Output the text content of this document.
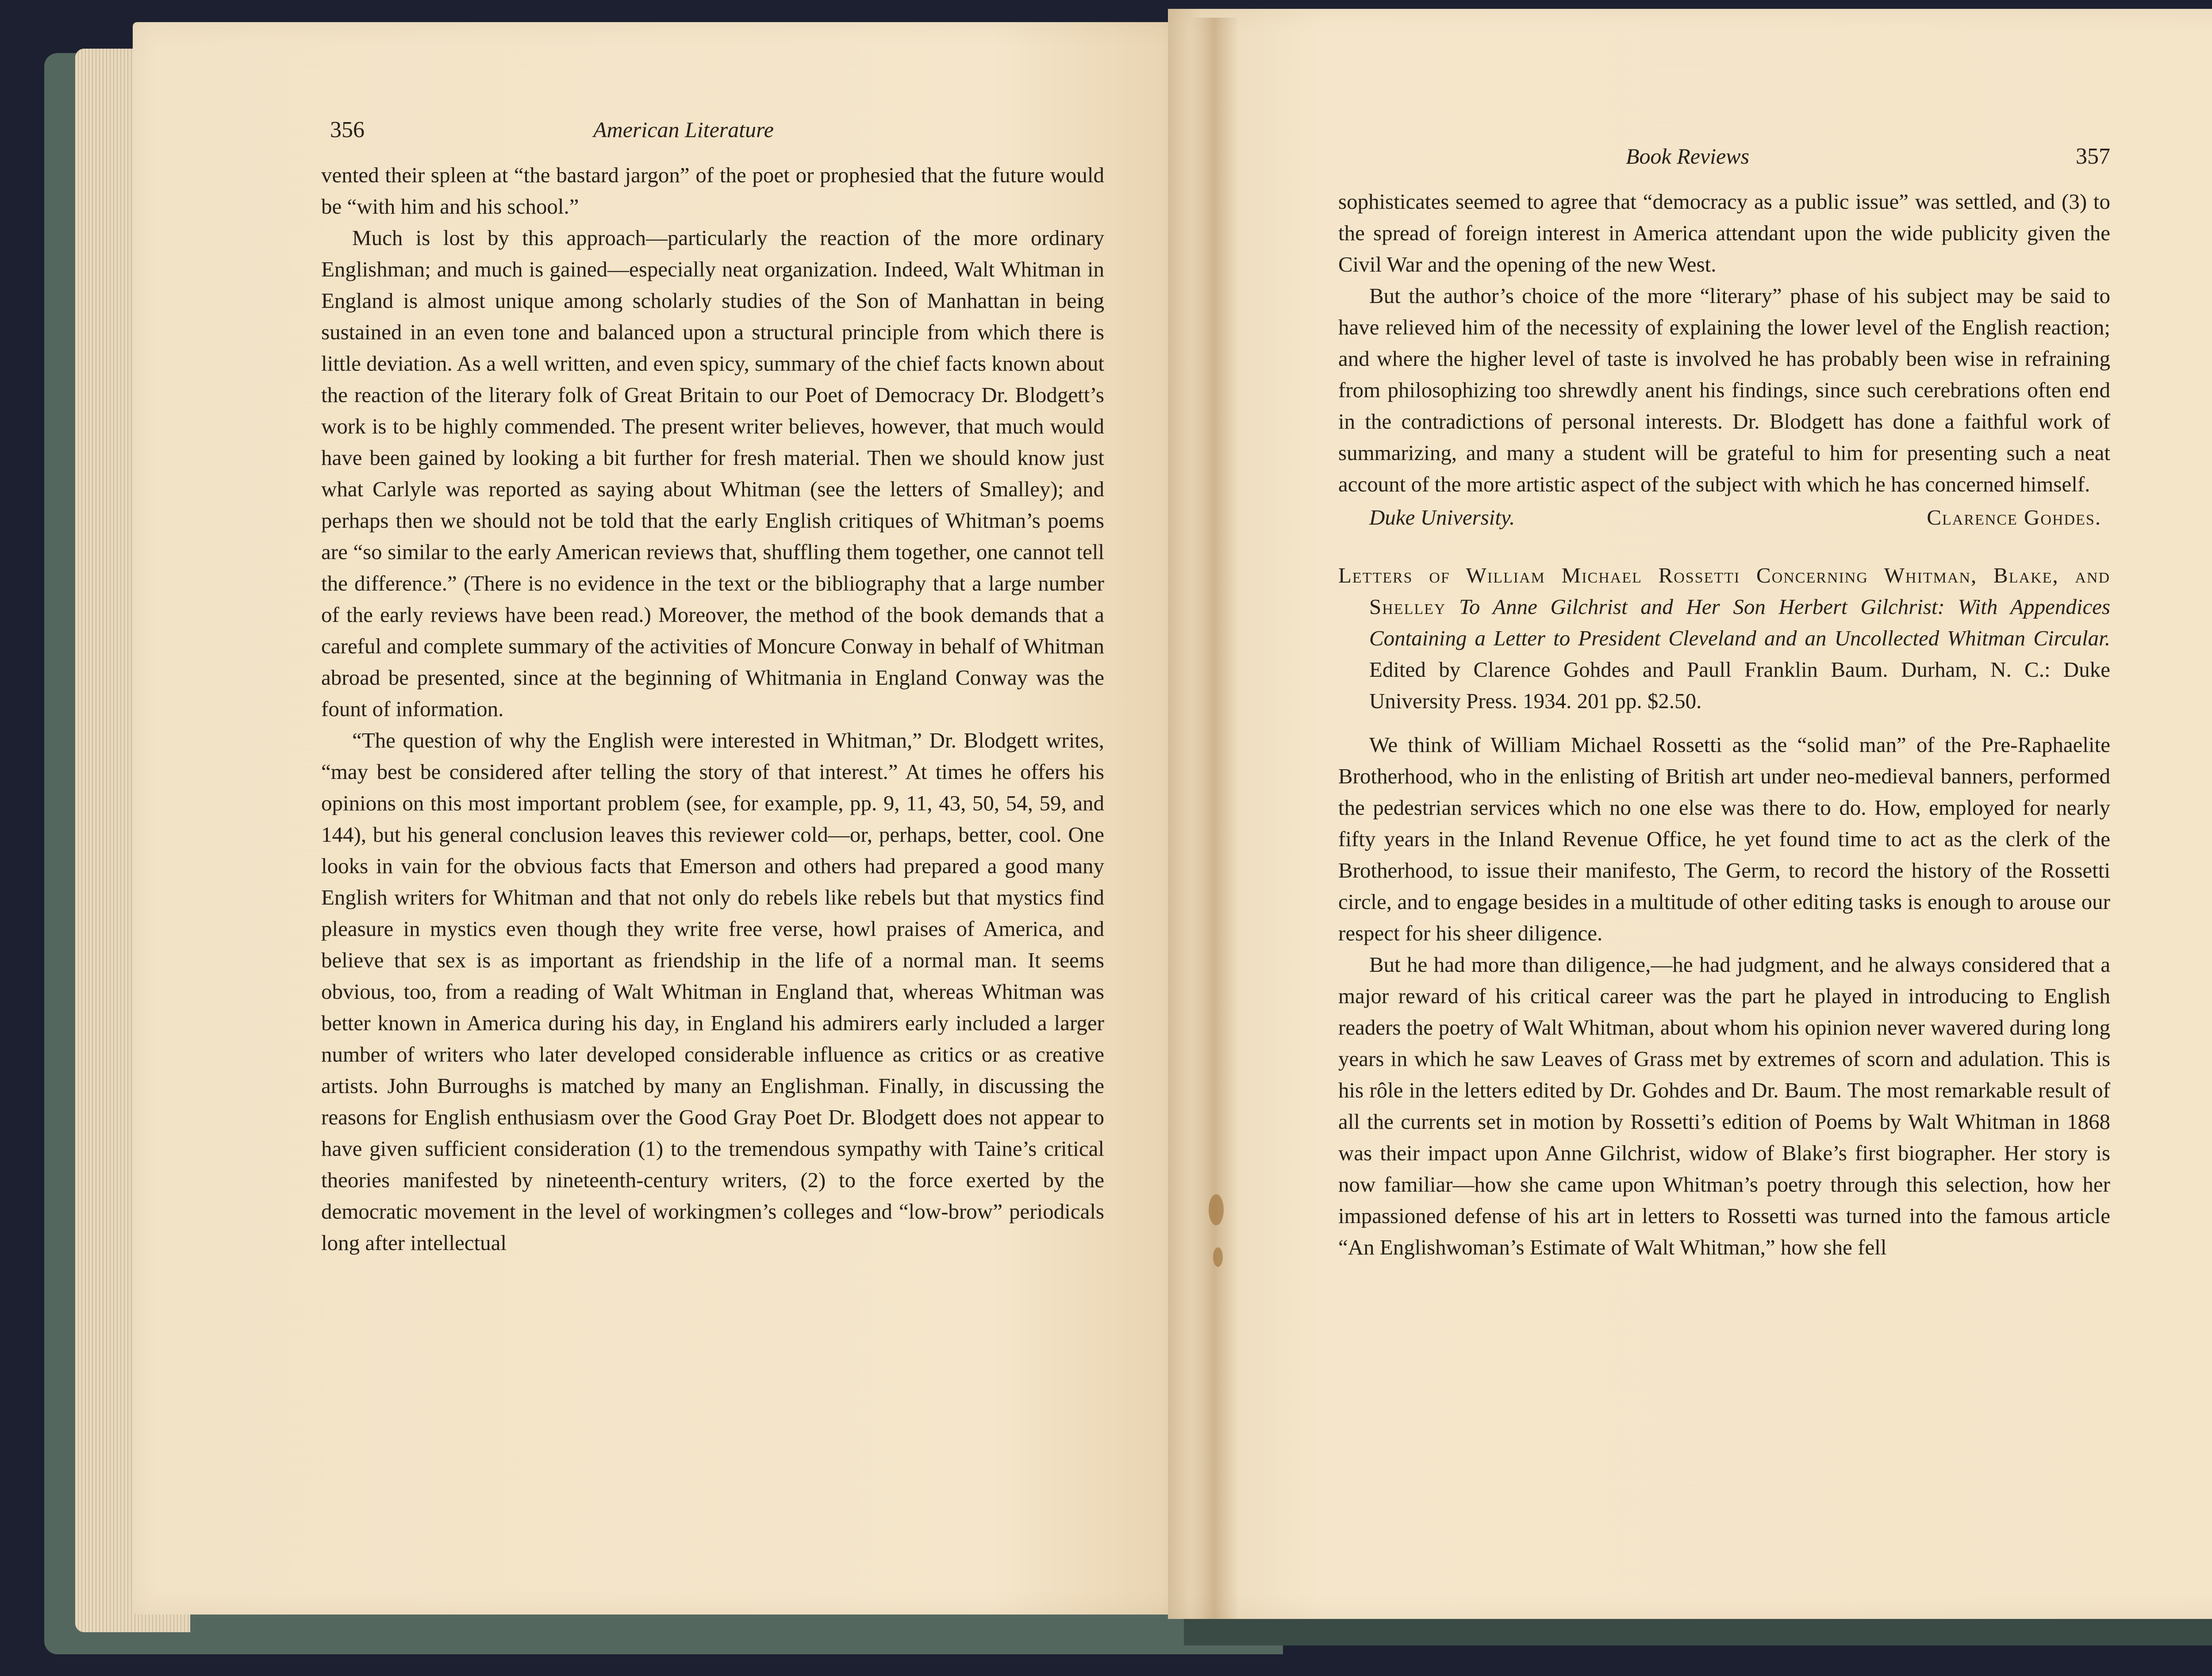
356	American Literature

vented their spleen at “the bastard jargon” of the poet or prophesied that the future would be “with him and his school.”

Much is lost by this approach—particularly the reaction of the more ordinary Englishman; and much is gained—especially neat organization. Indeed, Walt Whitman in England is almost unique among scholarly studies of the Son of Manhattan in being sustained in an even tone and balanced upon a structural principle from which there is little deviation. As a well written, and even spicy, summary of the chief facts known about the reaction of the literary folk of Great Britain to our Poet of Democracy Dr. Blodgett’s work is to be highly commended. The present writer believes, however, that much would have been gained by looking a bit further for fresh material. Then we should know just what Carlyle was reported as saying about Whitman (see the letters of Smalley); and perhaps then we should not be told that the early English critiques of Whitman’s poems are “so similar to the early American reviews that, shuffling them together, one cannot tell the difference.” (There is no evidence in the text or the bibliography that a large number of the early reviews have been read.) Moreover, the method of the book demands that a careful and complete summary of the activities of Moncure Conway in behalf of Whitman abroad be presented, since at the beginning of Whitmania in England Conway was the fount of information.

“The question of why the English were interested in Whitman,” Dr. Blodgett writes, “may best be considered after telling the story of that interest.” At times he offers his opinions on this most important problem (see, for example, pp. 9, 11, 43, 50, 54, 59, and 144), but his general conclusion leaves this reviewer cold—or, perhaps, better, cool. One looks in vain for the obvious facts that Emerson and others had prepared a good many English writers for Whitman and that not only do rebels like rebels but that mystics find pleasure in mystics even though they write free verse, howl praises of America, and believe that sex is as important as friendship in the life of a normal man. It seems obvious, too, from a reading of Walt Whitman in England that, whereas Whitman was better known in America during his day, in England his admirers early included a larger number of writers who later developed considerable influence as critics or as creative artists. John Burroughs is matched by many an Englishman. Finally, in discussing the reasons for English enthusiasm over the Good Gray Poet Dr. Blodgett does not appear to have given sufficient consideration (1) to the tremendous sympathy with Taine’s critical theories manifested by nineteenth-century writers, (2) to the force exerted by the democratic movement in the level of workingmen’s colleges and “low-brow” periodicals long after intellectual

Book Reviews	357

sophisticates seemed to agree that “democracy as a public issue” was settled, and (3) to the spread of foreign interest in America attendant upon the wide publicity given the Civil War and the opening of the new West.

But the author’s choice of the more “literary” phase of his subject may be said to have relieved him of the necessity of explaining the lower level of the English reaction; and where the higher level of taste is involved he has probably been wise in refraining from philosophizing too shrewdly anent his findings, since such cerebrations often end in the contradictions of personal interests. Dr. Blodgett has done a faithful work of summarizing, and many a student will be grateful to him for presenting such a neat account of the more artistic aspect of the subject with which he has concerned himself.

Duke University.	Clarence Gohdes.

Letters of William Michael Rossetti Concerning Whitman, Blake, and Shelley To Anne Gilchrist and Her Son Herbert Gilchrist: With Appendices Containing a Letter to President Cleveland and an Uncollected Whitman Circular. Edited by Clarence Gohdes and Paull Franklin Baum. Durham, N. C.: Duke University Press. 1934. 201 pp. $2.50.

We think of William Michael Rossetti as the “solid man” of the Pre-Raphaelite Brotherhood, who in the enlisting of British art under neo-medieval banners, performed the pedestrian services which no one else was there to do. How, employed for nearly fifty years in the Inland Revenue Office, he yet found time to act as the clerk of the Brotherhood, to issue their manifesto, The Germ, to record the history of the Rossetti circle, and to engage besides in a multitude of other editing tasks is enough to arouse our respect for his sheer diligence.

But he had more than diligence,—he had judgment, and he always considered that a major reward of his critical career was the part he played in introducing to English readers the poetry of Walt Whitman, about whom his opinion never wavered during long years in which he saw Leaves of Grass met by extremes of scorn and adulation. This is his rôle in the letters edited by Dr. Gohdes and Dr. Baum. The most remarkable result of all the currents set in motion by Rossetti’s edition of Poems by Walt Whitman in 1868 was their impact upon Anne Gilchrist, widow of Blake’s first biographer. Her story is now familiar—how she came upon Whitman’s poetry through this selection, how her impassioned defense of his art in letters to Rossetti was turned into the famous article “An Englishwoman’s Estimate of Walt Whitman,” how she fell
